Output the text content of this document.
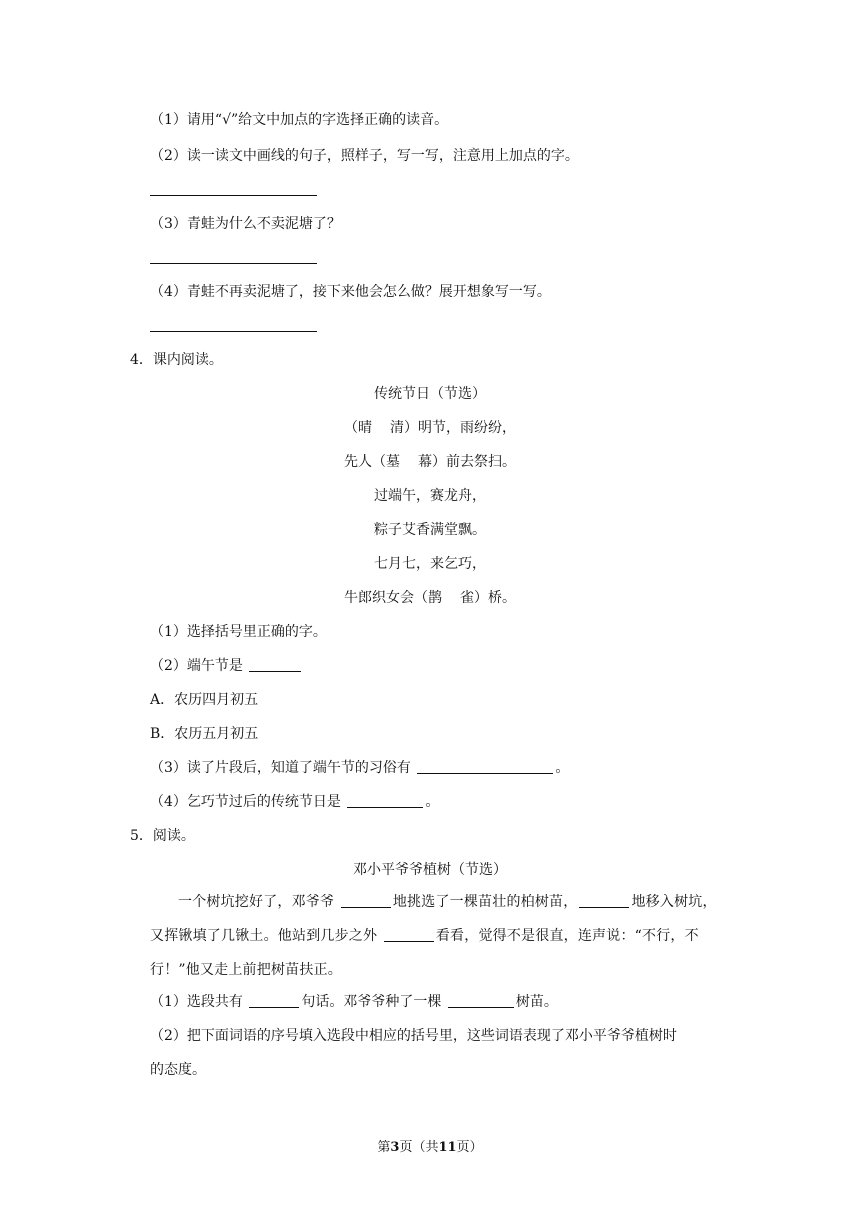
（1）请用“√”给文中加点的字选择正确的读音。
（2）读一读文中画线的句子，照样子，写一写，注意用上加点的字。
（3）青蛙为什么不卖泥塘了？
（4）青蛙不再卖泥塘了，接下来他会怎么做？展开想象写一写。
4．课内阅读。
传统节日（节选）
（晴 清）明节，雨纷纷，
先人（墓 幕）前去祭扫。
过端午，赛龙舟，
粽子艾香满堂飘。
七月七，来乞巧，
牛郎织女会（鹊 雀）桥。
（1）选择括号里正确的字。
（2）端午节是
A．农历四月初五
B．农历五月初五
（3）读了片段后，知道了端午节的习俗有	。
（4）乞巧节过后的传统节日是	。
5．阅读。
邓小平爷爷植树（节选）
一个树坑挖好了，邓爷爷	地挑选了一棵苗壮的柏树苗，	地移入树坑，
又挥锹填了几锹土。他站到几步之外	看看，觉得不是很直，连声说：“不行，不
行！”他又走上前把树苗扶正。
（1）选段共有	句话。邓爷爷种了一棵	树苗。
（2）把下面词语的序号填入选段中相应的括号里，这些词语表现了邓小平爷爷植树时
的态度。
第3页（共11页）
